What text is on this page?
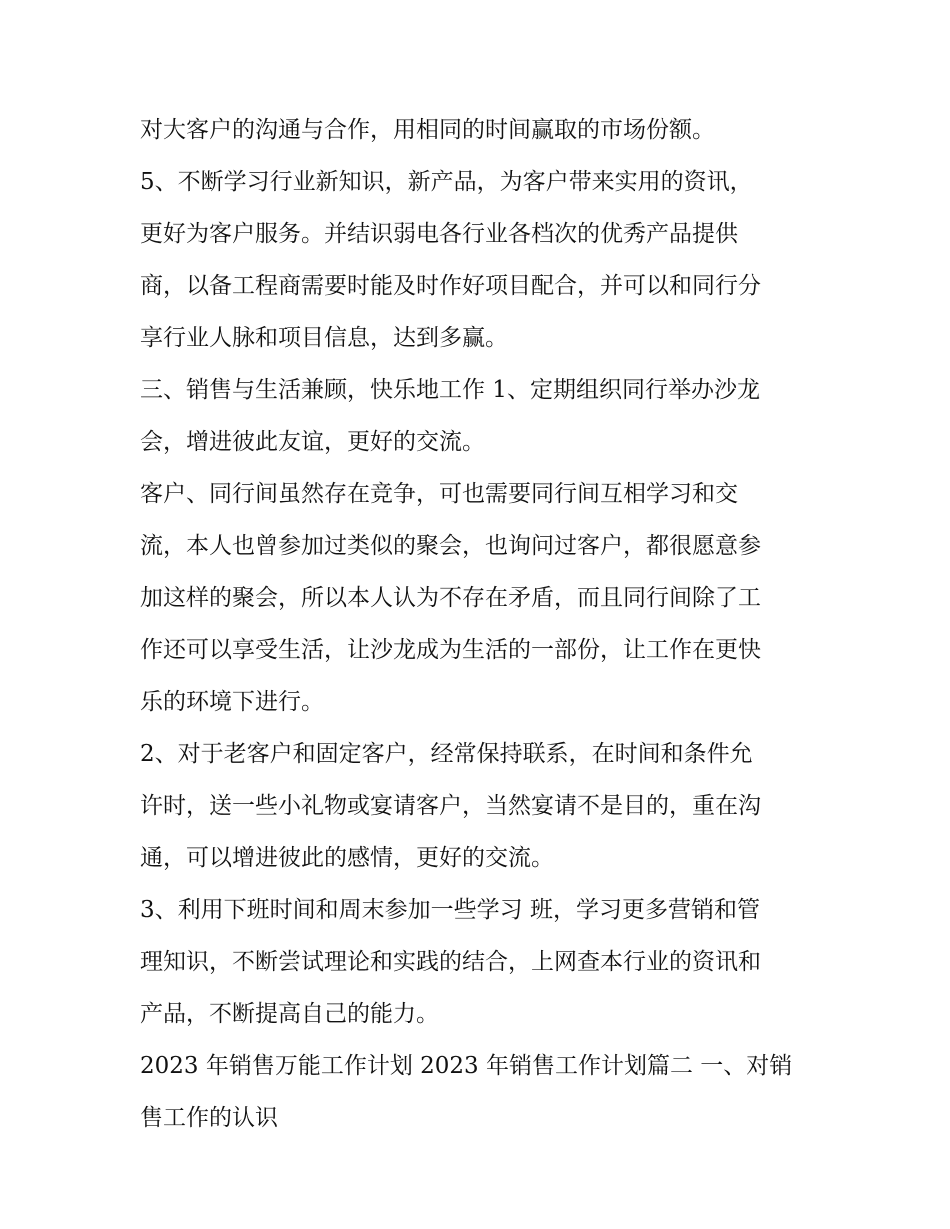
对大客户的沟通与合作，用相同的时间赢取的市场份额。
5、不断学习行业新知识，新产品，为客户带来实用的资讯，
更好为客户服务。并结识弱电各行业各档次的优秀产品提供
商，以备工程商需要时能及时作好项目配合，并可以和同行分
享行业人脉和项目信息，达到多赢。
三、销售与生活兼顾，快乐地工作 1、定期组织同行举办沙龙
会，增进彼此友谊，更好的交流。
客户、同行间虽然存在竞争，可也需要同行间互相学习和交
流，本人也曾参加过类似的聚会，也询问过客户，都很愿意参
加这样的聚会，所以本人认为不存在矛盾，而且同行间除了工
作还可以享受生活，让沙龙成为生活的一部份，让工作在更快
乐的环境下进行。
2、对于老客户和固定客户，经常保持联系，在时间和条件允
许时，送一些小礼物或宴请客户，当然宴请不是目的，重在沟
通，可以增进彼此的感情，更好的交流。
3、利用下班时间和周末参加一些学习 班，学习更多营销和管
理知识，不断尝试理论和实践的结合，上网查本行业的资讯和
产品，不断提高自己的能力。
2023 年销售万能工作计划 2023 年销售工作计划篇二 一、对销
售工作的认识
